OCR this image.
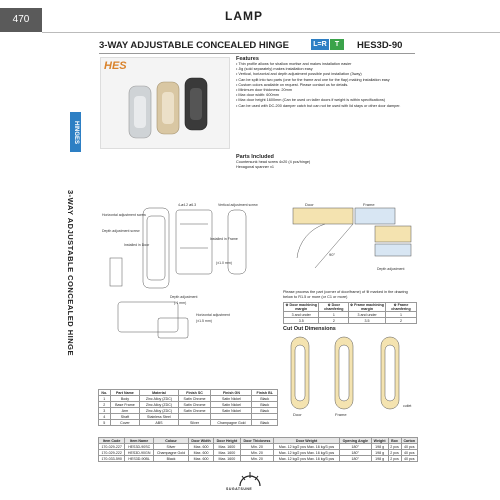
470	LAMP
HINGES
3-WAY ADJUSTABLE CONCEALED HINGE
3-WAY ADJUSTABLE CONCEALED HINGE	L=R	T	HES3D-90
HES
Features
• Thin profile allows for shallow mortise and makes installation easier
• Jig (sold separately) makes installation easy
• Vertical, horizontal and depth adjustment possible post installation (3way)
• Can be split into two parts (one for the frame and one for the flap) making installation easy
• Custom colors available on request. Please contact us for details.
• Minimum door thickness: 20mm
• Max door width: 600mm
• Max door height 1600mm (Can be used on taller doors if weight is within specifications)
• Can be used with DC-200 damper catch but can not be used with lid stays or other door damper.
Parts Included
Countersunk head screw 4x20 (4 pcs/hinge)
Hexagonal spanner x1
Horizontal adjustment screw
Depth adjustment screw
Vertical adjustment screw
4-ø4.2 ø6.3
Installed in Door
Installed in Frame
(±1.0 mm)
Depth adjustment
(-1 mm)
Horizontal adjustment
(±1.5 mm)
Door	Frame
90°
Depth adjustment
Please process the part (corner of door/frame) of ※ marked in the drawing below to R1.5 or more (or C1 or more)
※ Door machining margin	※ Door chamfering	※ Frame machining margin	※ Frame chamfering
3 and under	1	3 and under	1
3.5	2	3.5	2
Cut Out Dimensions
Door	Frame
cutlet
No.	Part Name	Material	Finish SC	Finish GN	Finish BL
1	Body	Zinc Alloy (ZDC)	Satin Chrome	Satin Nickel	Black
2	Base Frame	Zinc Alloy (ZDC)	Satin Chrome	Satin Nickel	Black
3	Arm	Zinc Alloy (ZDC)	Satin Chrome	Satin Nickel	Black
4	Shaft	Stainless Steel			
5	Cover	ABS	Silver	Champagne Gold	Black
Item Code	Item Name	Colour	Door Width	Door Height	Door Thickness	Door Weight	Opening Angle	Weight	Box	Carton
170-029-227	HES3D-90SC	Silver	Max. 600	Max. 1600	Min. 20	Max. 12 kg/2 pcs Max. 16 kg/3 pcs	180°	198 g	2 pcs	40 pcs
170-029-222	HES3D-90GN	Champagne Gold	Max. 600	Max. 1600	Min. 20	Max. 12 kg/2 pcs Max. 16 kg/3 pcs	180°	198 g	2 pcs	40 pcs
170-033-590	HES3D-90BL	Black	Max. 600	Max. 1600	Min. 20	Max. 12 kg/2 pcs Max. 16 kg/3 pcs	180°	198 g	2 pcs	40 pcs
SUGATSUNE
